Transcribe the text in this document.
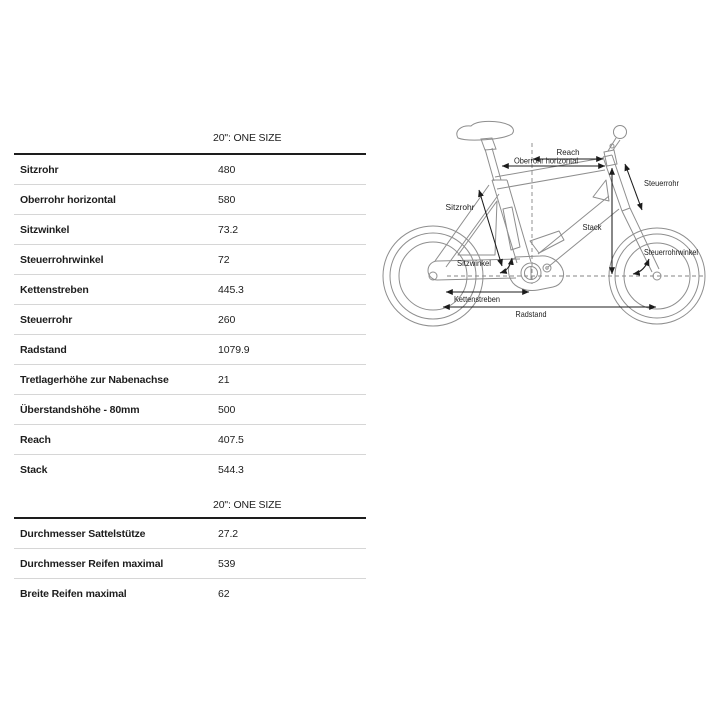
20": ONE SIZE
Sitzrohr	480
Oberrohr horizontal	580
Sitzwinkel	73.2
Steuerrohrwinkel	72
Kettenstreben	445.3
Steuerrohr	260
Radstand	1079.9
Tretlagerhöhe zur Nabenachse	21
Überstandshöhe - 80mm	500
Reach	407.5
Stack	544.3
20": ONE SIZE
Durchmesser Sattelstütze	27.2
Durchmesser Reifen maximal	539
Breite Reifen maximal	62
Reach
Oberrohr horizontal
Steuerrohr
Sitzrohr
Stack
Sitzwinkel
Steuerrohrwinkel
Kettenstreben
Radstand
